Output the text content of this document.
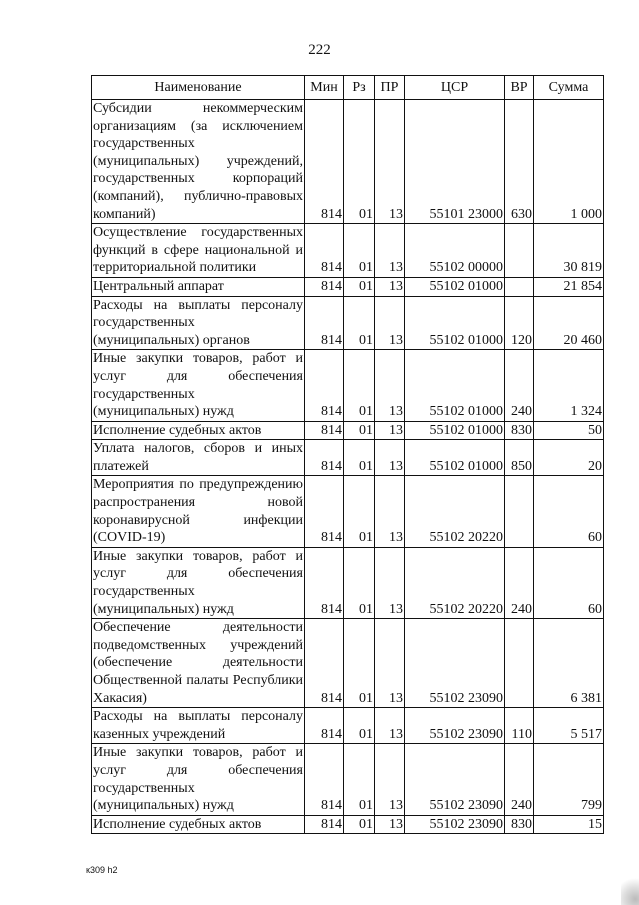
222
Наименование	Мин	Рз	ПР	ЦСР	ВР	Сумма
Субсидии некоммерческим организациям (за исключением государственных (муниципальных) учреждений, государственных корпораций (компаний), публично-правовых компаний)	814	01	13	55101 23000	630	1 000
Осуществление государственных функций в сфере национальной и территориальной политики	814	01	13	55102 00000		30 819
Центральный аппарат	814	01	13	55102 01000		21 854
Расходы на выплаты персоналу государственных (муниципальных) органов	814	01	13	55102 01000	120	20 460
Иные закупки товаров, работ и услуг для обеспечения государственных (муниципальных) нужд	814	01	13	55102 01000	240	1 324
Исполнение судебных актов	814	01	13	55102 01000	830	50
Уплата налогов, сборов и иных платежей	814	01	13	55102 01000	850	20
Мероприятия по предупреждению распространения новой коронавирусной инфекции (COVID-19)	814	01	13	55102 20220		60
Иные закупки товаров, работ и услуг для обеспечения государственных (муниципальных) нужд	814	01	13	55102 20220	240	60
Обеспечение деятельности подведомственных учреждений (обеспечение деятельности Общественной палаты Республики Хакасия)	814	01	13	55102 23090		6 381
Расходы на выплаты персоналу казенных учреждений	814	01	13	55102 23090	110	5 517
Иные закупки товаров, работ и услуг для обеспечения государственных (муниципальных) нужд	814	01	13	55102 23090	240	799
Исполнение судебных актов	814	01	13	55102 23090	830	15
к309 h2
